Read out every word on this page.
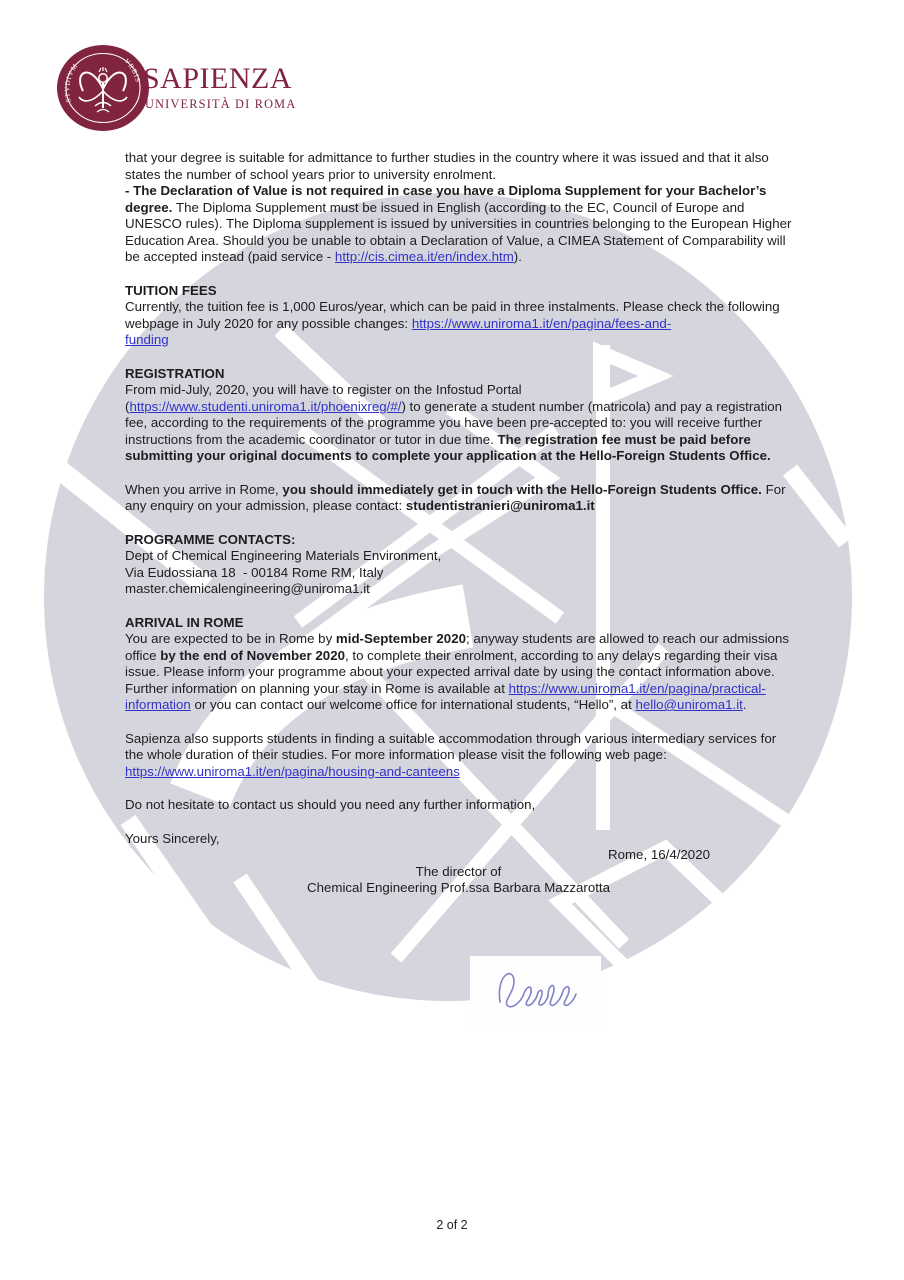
STVDIVM	VRBIS SAPIENZA
UNIVERSITÀ DI ROMA

that your degree is suitable for admittance to further studies in the country where it was issued and that it also states the number of school years prior to university enrolment.

- The Declaration of Value is not required in case you have a Diploma Supplement for your Bachelor’s degree. The Diploma Supplement must be issued in English (according to the EC, Council of Europe and UNESCO rules). The Diploma supplement is issued by universities in countries belonging to the European Higher Education Area. Should you be unable to obtain a Declaration of Value, a CIMEA Statement of Comparability will be accepted instead (paid service - http://cis.cimea.it/en/index.htm).

TUITION FEES

Currently, the tuition fee is 1,000 Euros/year, which can be paid in three instalments. Please check the following webpage in July 2020 for any possible changes: https://www.uniroma1.it/en/pagina/fees-and-
funding

REGISTRATION

From mid-July, 2020, you will have to register on the Infostud Portal (https://www.studenti.uniroma1.it/phoenixreg/#/) to generate a student number (matricola) and pay a registration fee, according to the requirements of the programme you have been pre-accepted to: you will receive further instructions from the academic coordinator or tutor in due time. The registration fee must be paid before submitting your original documents to complete your application at the Hello-Foreign Students Office.

When you arrive in Rome, you should immediately get in touch with the Hello-Foreign Students Office. For any enquiry on your admission, please contact: studentistranieri@uniroma1.it

PROGRAMME CONTACTS:

Dept of Chemical Engineering Materials Environment,

Via Eudossiana 18  - 00184 Rome RM, Italy

master.chemicalengineering@uniroma1.it

ARRIVAL IN ROME

You are expected to be in Rome by mid-September 2020; anyway students are allowed to reach our admissions office by the end of November 2020, to complete their enrolment, according to any delays regarding their visa issue. Please inform your programme about your expected arrival date by using the contact information above.

Further information on planning your stay in Rome is available at https://www.uniroma1.it/en/pagina/practical-information or you can contact our welcome office for international students, “Hello”, at hello@uniroma1.it.

Sapienza also supports students in finding a suitable accommodation through various intermediary services for the whole duration of their studies. For more information please visit the following web page: https://www.uniroma1.it/en/pagina/housing-and-canteens

Do not hesitate to contact us should you need any further information,

Yours Sincerely,

Rome, 16/4/2020

The director of

Chemical Engineering Prof.ssa Barbara Mazzarotta

2 of 2
